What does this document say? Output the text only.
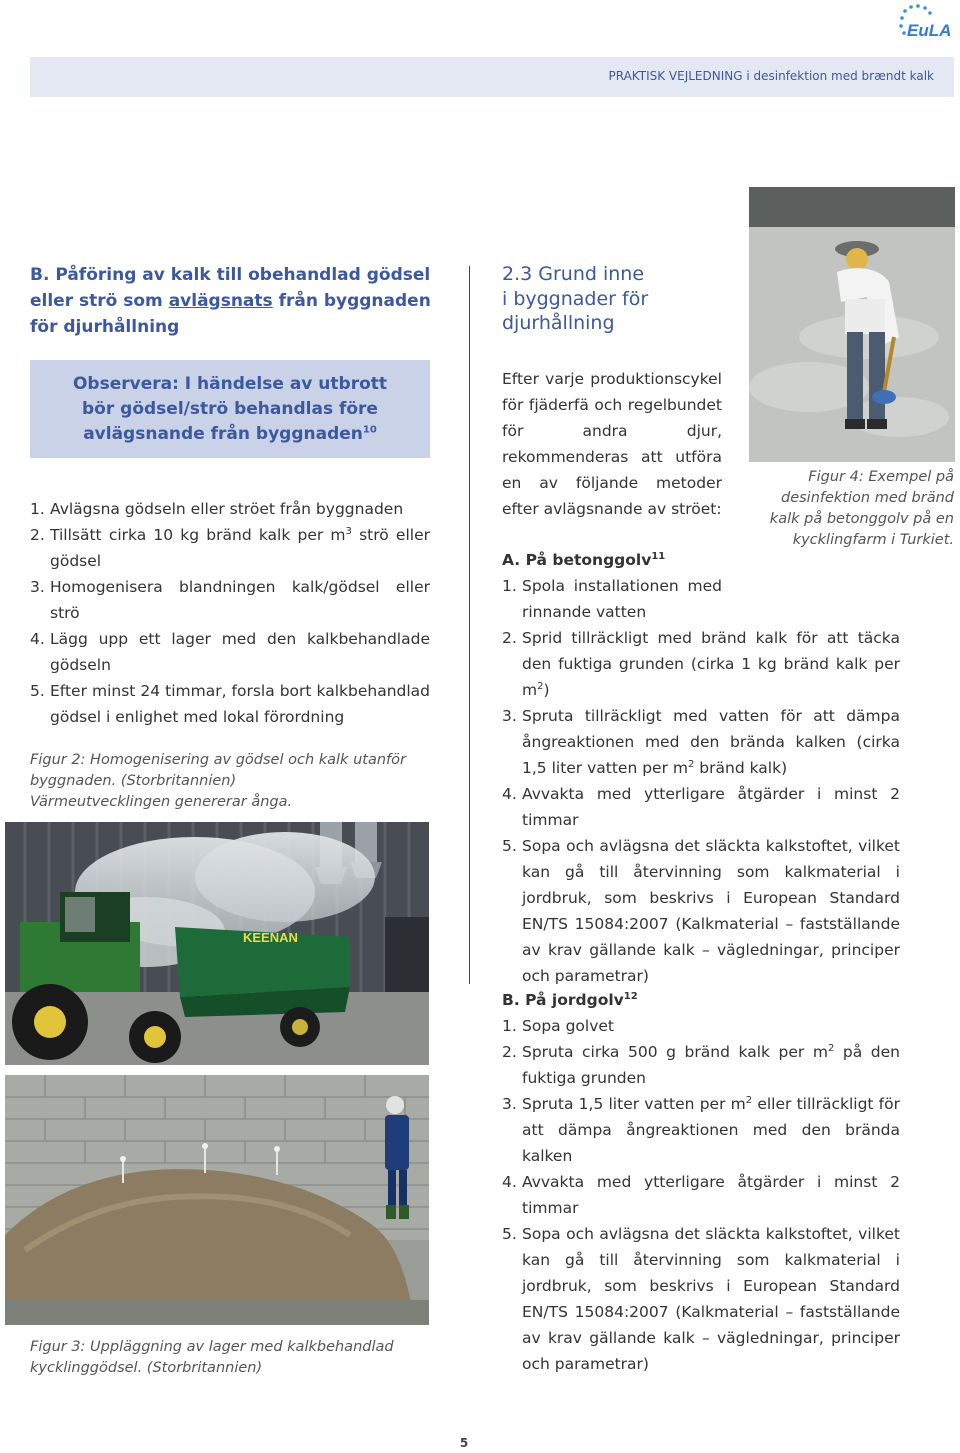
EuLA
PRAKTISK VEJLEDNING i desinfektion med brændt kalk
B. Påföring av kalk till obehandlad gödsel eller strö som avlägsnats från byggnaden för djurhållning
Observera: I händelse av utbrott
bör gödsel/strö behandlas före
avlägsnande från byggnaden$^{10}$
1. Avlägsna gödseln eller ströet från byggnaden
2. Tillsätt cirka 10 kg bränd kalk per $m^3$ strö eller gödsel
3. Homogenisera blandningen kalk/gödsel eller strö
4. Lägg upp ett lager med den kalkbehandlade gödseln
5. Efter minst 24 timmar, forsla bort kalkbehandlad gödsel i enlighet med lokal förordning
Figur 2: Homogenisering av gödsel och kalk utanför
byggnaden. (Storbritannien)
Värmeutvecklingen genererar ånga.
KEENAN
Figur 3: Uppläggning av lager med kalkbehandlad
kycklinggödsel. (Storbritannien)
2.3 Grund inne
i byggnader för
djurhållning
Efter varje produktionscykel för fjäderfä och regelbundet för andra djur, rekommenderas att utföra en av följande metoder efter avlägsnande av ströet:
Figur 4: Exempel på
desinfektion med bränd
kalk på betonggolv på en
kycklingfarm i Turkiet.
A. På betonggolv$^{11}$
1. Spola installationen med rinnande vatten
2. Sprid tillräckligt med bränd kalk för att täcka den fuktiga grunden (cirka 1 kg bränd kalk per $m^2$)
3. Spruta tillräckligt med vatten för att dämpa ångreaktionen med den brända kalken (cirka 1,5 liter vatten per $m^2$ bränd kalk)
4. Avvakta med ytterligare åtgärder i minst 2 timmar
5. Sopa och avlägsna det släckta kalkstoftet, vilket kan gå till återvinning som kalkmaterial i jordbruk, som beskrivs i European Standard EN/TS 15084:2007 (Kalkmaterial – fastställande av krav gällande kalk – vägledningar, principer och parametrar)
B. På jordgolv$^{12}$
1. Sopa golvet
2. Spruta cirka 500 g bränd kalk per $m^2$ på den fuktiga grunden
3. Spruta 1,5 liter vatten per $m^2$ eller tillräckligt för att dämpa ångreaktionen med den brända kalken
4. Avvakta med ytterligare åtgärder i minst 2 timmar
5. Sopa och avlägsna det släckta kalkstoftet, vilket kan gå till återvinning som kalkmaterial i jordbruk, som beskrivs i European Standard EN/TS 15084:2007 (Kalkmaterial – fastställande av krav gällande kalk – vägledningar, principer och parametrar)
5
